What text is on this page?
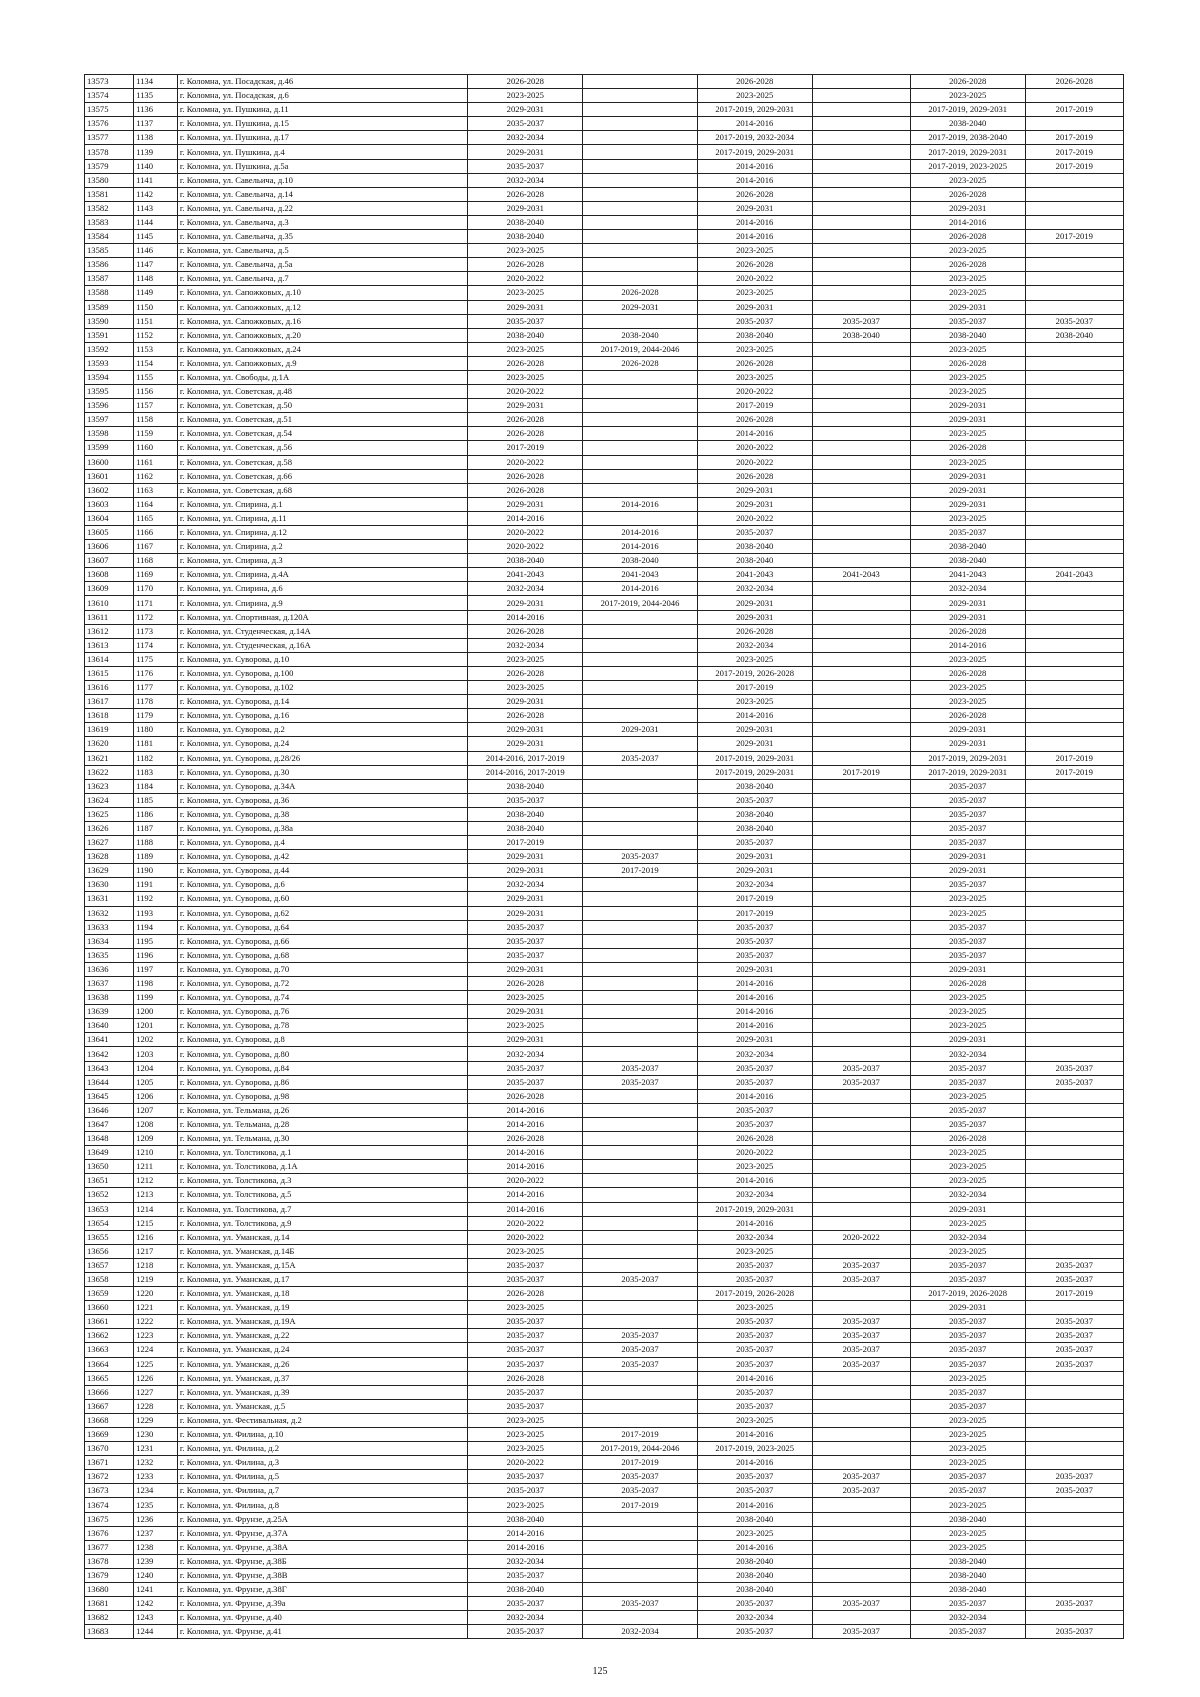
13573	1134	г. Коломна, ул. Посадская, д.46	2026-2028		2026-2028		2026-2028	2026-2028
13574	1135	г. Коломна, ул. Посадская, д.6	2023-2025		2023-2025		2023-2025	
13575	1136	г. Коломна, ул. Пушкина, д.11	2029-2031		2017-2019, 2029-2031		2017-2019, 2029-2031	2017-2019
13576	1137	г. Коломна, ул. Пушкина, д.15	2035-2037		2014-2016		2038-2040	
13577	1138	г. Коломна, ул. Пушкина, д.17	2032-2034		2017-2019, 2032-2034		2017-2019, 2038-2040	2017-2019
13578	1139	г. Коломна, ул. Пушкина, д.4	2029-2031		2017-2019, 2029-2031		2017-2019, 2029-2031	2017-2019
13579	1140	г. Коломна, ул. Пушкина, д.5а	2035-2037		2014-2016		2017-2019, 2023-2025	2017-2019
13580	1141	г. Коломна, ул. Савельича, д.10	2032-2034		2014-2016		2023-2025	
13581	1142	г. Коломна, ул. Савельича, д.14	2026-2028		2026-2028		2026-2028	
13582	1143	г. Коломна, ул. Савельича, д.22	2029-2031		2029-2031		2029-2031	
13583	1144	г. Коломна, ул. Савельича, д.3	2038-2040		2014-2016		2014-2016	
13584	1145	г. Коломна, ул. Савельича, д.35	2038-2040		2014-2016		2026-2028	2017-2019
13585	1146	г. Коломна, ул. Савельича, д.5	2023-2025		2023-2025		2023-2025	
13586	1147	г. Коломна, ул. Савельича, д.5а	2026-2028		2026-2028		2026-2028	
13587	1148	г. Коломна, ул. Савельича, д.7	2020-2022		2020-2022		2023-2025	
13588	1149	г. Коломна, ул. Сапожковых, д.10	2023-2025	2026-2028	2023-2025		2023-2025	
13589	1150	г. Коломна, ул. Сапожковых, д.12	2029-2031	2029-2031	2029-2031		2029-2031	
13590	1151	г. Коломна, ул. Сапожковых, д.16	2035-2037		2035-2037	2035-2037	2035-2037	2035-2037
13591	1152	г. Коломна, ул. Сапожковых, д.20	2038-2040	2038-2040	2038-2040	2038-2040	2038-2040	2038-2040
13592	1153	г. Коломна, ул. Сапожковых, д.24	2023-2025	2017-2019, 2044-2046	2023-2025		2023-2025	
13593	1154	г. Коломна, ул. Сапожковых, д.9	2026-2028	2026-2028	2026-2028		2026-2028	
13594	1155	г. Коломна, ул. Свободы, д.1А	2023-2025		2023-2025		2023-2025	
13595	1156	г. Коломна, ул. Советская, д.48	2020-2022		2020-2022		2023-2025	
13596	1157	г. Коломна, ул. Советская, д.50	2029-2031		2017-2019		2029-2031	
13597	1158	г. Коломна, ул. Советская, д.51	2026-2028		2026-2028		2029-2031	
13598	1159	г. Коломна, ул. Советская, д.54	2026-2028		2014-2016		2023-2025	
13599	1160	г. Коломна, ул. Советская, д.56	2017-2019		2020-2022		2026-2028	
13600	1161	г. Коломна, ул. Советская, д.58	2020-2022		2020-2022		2023-2025	
13601	1162	г. Коломна, ул. Советская, д.66	2026-2028		2026-2028		2029-2031	
13602	1163	г. Коломна, ул. Советская, д.68	2026-2028		2029-2031		2029-2031	
13603	1164	г. Коломна, ул. Спирина, д.1	2029-2031	2014-2016	2029-2031		2029-2031	
13604	1165	г. Коломна, ул. Спирина, д.11	2014-2016		2020-2022		2023-2025	
13605	1166	г. Коломна, ул. Спирина, д.12	2020-2022	2014-2016	2035-2037		2035-2037	
13606	1167	г. Коломна, ул. Спирина, д.2	2020-2022	2014-2016	2038-2040		2038-2040	
13607	1168	г. Коломна, ул. Спирина, д.3	2038-2040	2038-2040	2038-2040		2038-2040	
13608	1169	г. Коломна, ул. Спирина, д.4А	2041-2043	2041-2043	2041-2043	2041-2043	2041-2043	2041-2043
13609	1170	г. Коломна, ул. Спирина, д.6	2032-2034	2014-2016	2032-2034		2032-2034	
13610	1171	г. Коломна, ул. Спирина, д.9	2029-2031	2017-2019, 2044-2046	2029-2031		2029-2031	
13611	1172	г. Коломна, ул. Спортивная, д.120А	2014-2016		2029-2031		2029-2031	
13612	1173	г. Коломна, ул. Студенческая, д.14А	2026-2028		2026-2028		2026-2028	
13613	1174	г. Коломна, ул. Студенческая, д.16А	2032-2034		2032-2034		2014-2016	
13614	1175	г. Коломна, ул. Суворова, д.10	2023-2025		2023-2025		2023-2025	
13615	1176	г. Коломна, ул. Суворова, д.100	2026-2028		2017-2019, 2026-2028		2026-2028	
13616	1177	г. Коломна, ул. Суворова, д.102	2023-2025		2017-2019		2023-2025	
13617	1178	г. Коломна, ул. Суворова, д.14	2029-2031		2023-2025		2023-2025	
13618	1179	г. Коломна, ул. Суворова, д.16	2026-2028		2014-2016		2026-2028	
13619	1180	г. Коломна, ул. Суворова, д.2	2029-2031	2029-2031	2029-2031		2029-2031	
13620	1181	г. Коломна, ул. Суворова, д.24	2029-2031		2029-2031		2029-2031	
13621	1182	г. Коломна, ул. Суворова, д.28/26	2014-2016, 2017-2019	2035-2037	2017-2019, 2029-2031		2017-2019, 2029-2031	2017-2019
13622	1183	г. Коломна, ул. Суворова, д.30	2014-2016, 2017-2019		2017-2019, 2029-2031	2017-2019	2017-2019, 2029-2031	2017-2019
13623	1184	г. Коломна, ул. Суворова, д.34А	2038-2040		2038-2040		2035-2037	
13624	1185	г. Коломна, ул. Суворова, д.36	2035-2037		2035-2037		2035-2037	
13625	1186	г. Коломна, ул. Суворова, д.38	2038-2040		2038-2040		2035-2037	
13626	1187	г. Коломна, ул. Суворова, д.38а	2038-2040		2038-2040		2035-2037	
13627	1188	г. Коломна, ул. Суворова, д.4	2017-2019		2035-2037		2035-2037	
13628	1189	г. Коломна, ул. Суворова, д.42	2029-2031	2035-2037	2029-2031		2029-2031	
13629	1190	г. Коломна, ул. Суворова, д.44	2029-2031	2017-2019	2029-2031		2029-2031	
13630	1191	г. Коломна, ул. Суворова, д.6	2032-2034		2032-2034		2035-2037	
13631	1192	г. Коломна, ул. Суворова, д.60	2029-2031		2017-2019		2023-2025	
13632	1193	г. Коломна, ул. Суворова, д.62	2029-2031		2017-2019		2023-2025	
13633	1194	г. Коломна, ул. Суворова, д.64	2035-2037		2035-2037		2035-2037	
13634	1195	г. Коломна, ул. Суворова, д.66	2035-2037		2035-2037		2035-2037	
13635	1196	г. Коломна, ул. Суворова, д.68	2035-2037		2035-2037		2035-2037	
13636	1197	г. Коломна, ул. Суворова, д.70	2029-2031		2029-2031		2029-2031	
13637	1198	г. Коломна, ул. Суворова, д.72	2026-2028		2014-2016		2026-2028	
13638	1199	г. Коломна, ул. Суворова, д.74	2023-2025		2014-2016		2023-2025	
13639	1200	г. Коломна, ул. Суворова, д.76	2029-2031		2014-2016		2023-2025	
13640	1201	г. Коломна, ул. Суворова, д.78	2023-2025		2014-2016		2023-2025	
13641	1202	г. Коломна, ул. Суворова, д.8	2029-2031		2029-2031		2029-2031	
13642	1203	г. Коломна, ул. Суворова, д.80	2032-2034		2032-2034		2032-2034	
13643	1204	г. Коломна, ул. Суворова, д.84	2035-2037	2035-2037	2035-2037	2035-2037	2035-2037	2035-2037
13644	1205	г. Коломна, ул. Суворова, д.86	2035-2037	2035-2037	2035-2037	2035-2037	2035-2037	2035-2037
13645	1206	г. Коломна, ул. Суворова, д.98	2026-2028		2014-2016		2023-2025	
13646	1207	г. Коломна, ул. Тельмана, д.26	2014-2016		2035-2037		2035-2037	
13647	1208	г. Коломна, ул. Тельмана, д.28	2014-2016		2035-2037		2035-2037	
13648	1209	г. Коломна, ул. Тельмана, д.30	2026-2028		2026-2028		2026-2028	
13649	1210	г. Коломна, ул. Толстикова, д.1	2014-2016		2020-2022		2023-2025	
13650	1211	г. Коломна, ул. Толстикова, д.1А	2014-2016		2023-2025		2023-2025	
13651	1212	г. Коломна, ул. Толстикова, д.3	2020-2022		2014-2016		2023-2025	
13652	1213	г. Коломна, ул. Толстикова, д.5	2014-2016		2032-2034		2032-2034	
13653	1214	г. Коломна, ул. Толстикова, д.7	2014-2016		2017-2019, 2029-2031		2029-2031	
13654	1215	г. Коломна, ул. Толстикова, д.9	2020-2022		2014-2016		2023-2025	
13655	1216	г. Коломна, ул. Уманская, д.14	2020-2022		2032-2034	2020-2022	2032-2034	
13656	1217	г. Коломна, ул. Уманская, д.14Б	2023-2025		2023-2025		2023-2025	
13657	1218	г. Коломна, ул. Уманская, д.15А	2035-2037		2035-2037	2035-2037	2035-2037	2035-2037
13658	1219	г. Коломна, ул. Уманская, д.17	2035-2037	2035-2037	2035-2037	2035-2037	2035-2037	2035-2037
13659	1220	г. Коломна, ул. Уманская, д.18	2026-2028		2017-2019, 2026-2028		2017-2019, 2026-2028	2017-2019
13660	1221	г. Коломна, ул. Уманская, д.19	2023-2025		2023-2025		2029-2031	
13661	1222	г. Коломна, ул. Уманская, д.19А	2035-2037		2035-2037	2035-2037	2035-2037	2035-2037
13662	1223	г. Коломна, ул. Уманская, д.22	2035-2037	2035-2037	2035-2037	2035-2037	2035-2037	2035-2037
13663	1224	г. Коломна, ул. Уманская, д.24	2035-2037	2035-2037	2035-2037	2035-2037	2035-2037	2035-2037
13664	1225	г. Коломна, ул. Уманская, д.26	2035-2037	2035-2037	2035-2037	2035-2037	2035-2037	2035-2037
13665	1226	г. Коломна, ул. Уманская, д.37	2026-2028		2014-2016		2023-2025	
13666	1227	г. Коломна, ул. Уманская, д.39	2035-2037		2035-2037		2035-2037	
13667	1228	г. Коломна, ул. Уманская, д.5	2035-2037		2035-2037		2035-2037	
13668	1229	г. Коломна, ул. Фестивальная, д.2	2023-2025		2023-2025		2023-2025	
13669	1230	г. Коломна, ул. Филина, д.10	2023-2025	2017-2019	2014-2016		2023-2025	
13670	1231	г. Коломна, ул. Филина, д.2	2023-2025	2017-2019, 2044-2046	2017-2019, 2023-2025		2023-2025	
13671	1232	г. Коломна, ул. Филина, д.3	2020-2022	2017-2019	2014-2016		2023-2025	
13672	1233	г. Коломна, ул. Филина, д.5	2035-2037	2035-2037	2035-2037	2035-2037	2035-2037	2035-2037
13673	1234	г. Коломна, ул. Филина, д.7	2035-2037	2035-2037	2035-2037	2035-2037	2035-2037	2035-2037
13674	1235	г. Коломна, ул. Филина, д.8	2023-2025	2017-2019	2014-2016		2023-2025	
13675	1236	г. Коломна, ул. Фрунзе, д.25А	2038-2040		2038-2040		2038-2040	
13676	1237	г. Коломна, ул. Фрунзе, д.37А	2014-2016		2023-2025		2023-2025	
13677	1238	г. Коломна, ул. Фрунзе, д.38А	2014-2016		2014-2016		2023-2025	
13678	1239	г. Коломна, ул. Фрунзе, д.38Б	2032-2034		2038-2040		2038-2040	
13679	1240	г. Коломна, ул. Фрунзе, д.38В	2035-2037		2038-2040		2038-2040	
13680	1241	г. Коломна, ул. Фрунзе, д.38Г	2038-2040		2038-2040		2038-2040	
13681	1242	г. Коломна, ул. Фрунзе, д.39а	2035-2037	2035-2037	2035-2037	2035-2037	2035-2037	2035-2037
13682	1243	г. Коломна, ул. Фрунзе, д.40	2032-2034		2032-2034		2032-2034	
13683	1244	г. Коломна, ул. Фрунзе, д.41	2035-2037	2032-2034	2035-2037	2035-2037	2035-2037	2035-2037
125
